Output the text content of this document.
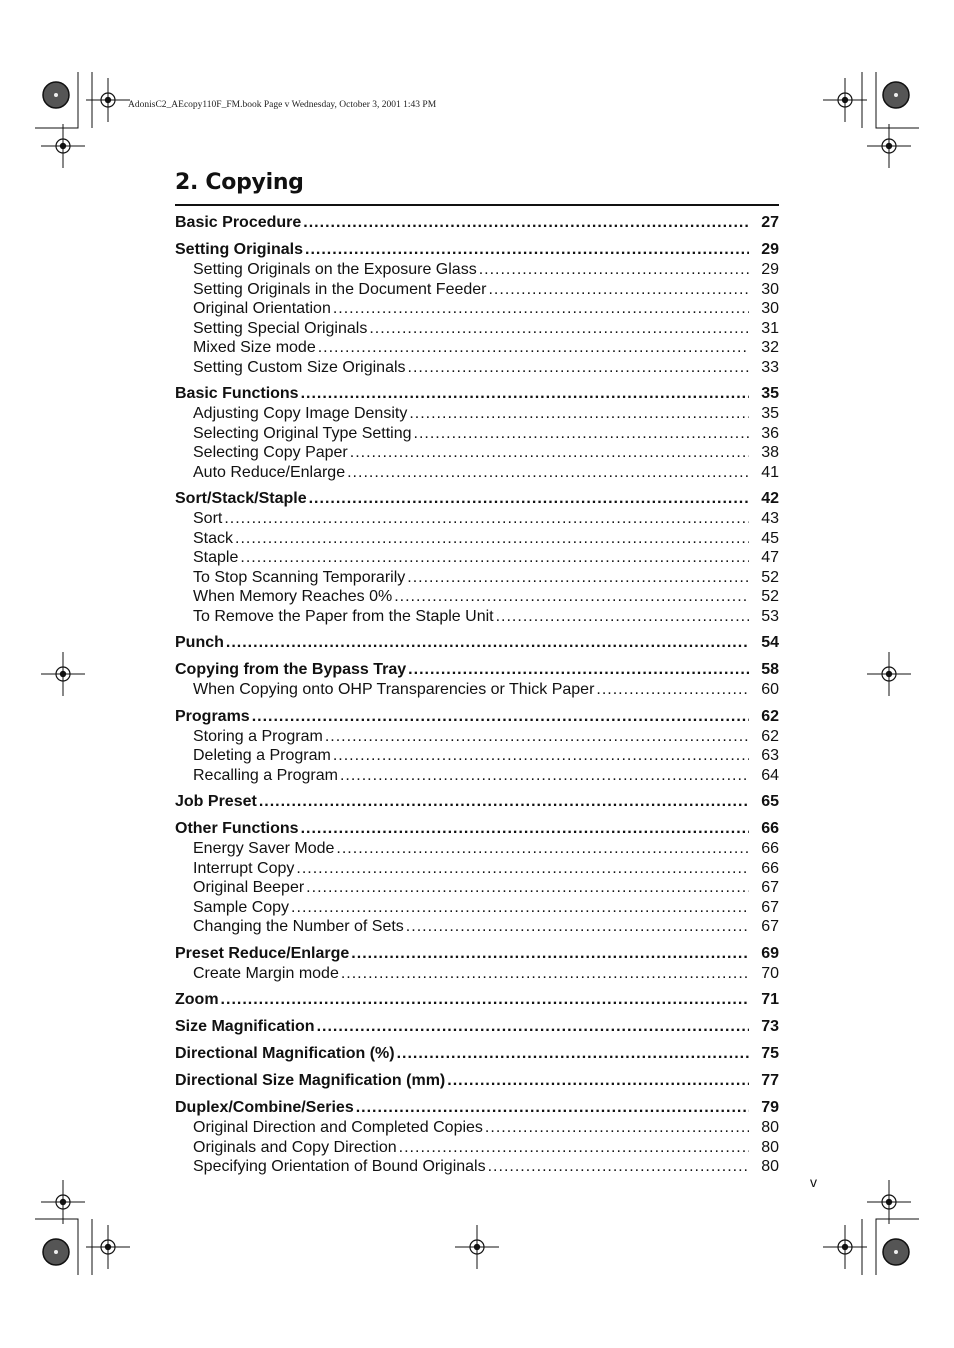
AdonisC2_AEcopy110F_FM.book Page v Wednesday, October 3, 2001 1:43 PM
2. Copying
Basic Procedure .....	27
Setting Originals .....	29
Setting Originals on the Exposure Glass .....	29
Setting Originals in the Document Feeder .....	30
Original Orientation .....	30
Setting Special Originals .....	31
Mixed Size mode .....	32
Setting Custom Size Originals .....	33
Basic Functions .....	35
Adjusting Copy Image Density .....	35
Selecting Original Type Setting .....	36
Selecting Copy Paper .....	38
Auto Reduce/Enlarge .....	41
Sort/Stack/Staple .....	42
Sort .....	43
Stack .....	45
Staple .....	47
To Stop Scanning Temporarily .....	52
When Memory Reaches 0% .....	52
To Remove the Paper from the Staple Unit .....	53
Punch .....	54
Copying from the Bypass Tray .....	58
When Copying onto OHP Transparencies or Thick Paper .....	60
Programs .....	62
Storing a Program .....	62
Deleting a Program .....	63
Recalling a Program .....	64
Job Preset .....	65
Other Functions .....	66
Energy Saver Mode .....	66
Interrupt Copy .....	66
Original Beeper .....	67
Sample Copy .....	67
Changing the Number of Sets .....	67
Preset Reduce/Enlarge .....	69
Create Margin mode .....	70
Zoom .....	71
Size Magnification .....	73
Directional Magnification (%) .....	75
Directional Size Magnification (mm) .....	77
Duplex/Combine/Series .....	79
Original Direction and Completed Copies .....	80
Originals and Copy Direction .....	80
Specifying Orientation of Bound Originals .....	80
v
